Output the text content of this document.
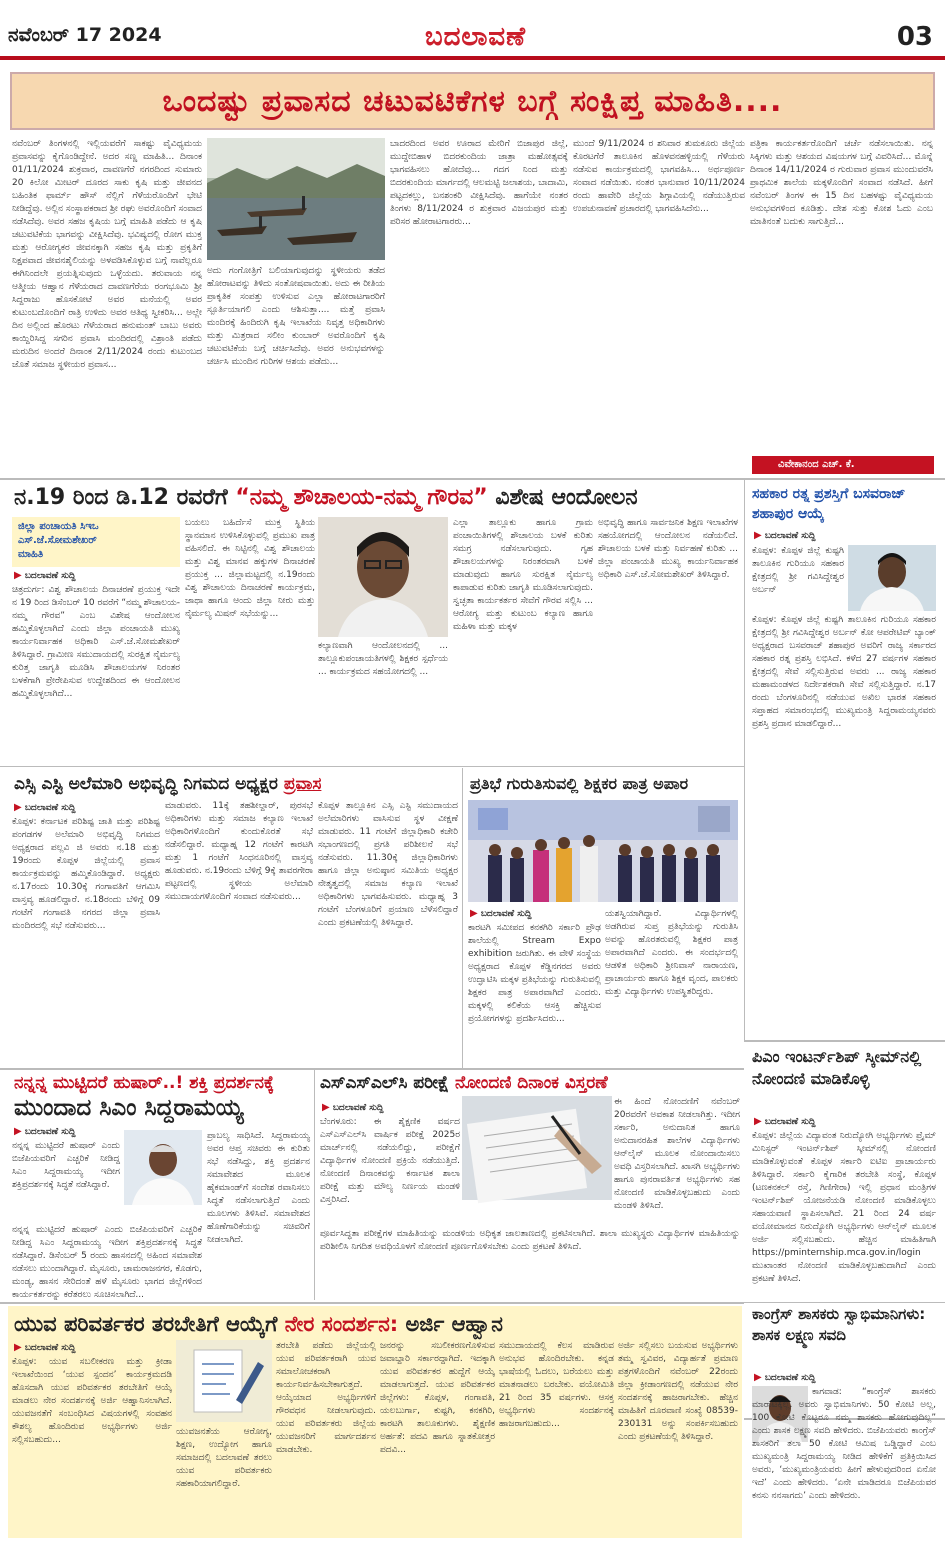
ನವೆಂಬರ್ 17 2024	ಬದಲಾವಣೆ	03
ಒಂದಷ್ಟು ಪ್ರವಾಸದ ಚಟುವಟಿಕೆಗಳ ಬಗ್ಗೆ ಸಂಕ್ಷಿಪ್ತ ಮಾಹಿತಿ....
ನವೆಂಬರ್ ತಿಂಗಳನಲ್ಲಿ ಇಲ್ಲಿಯವರೆಗೆ ಸಾಕಷ್ಟು ವೈವಿಧ್ಯಮಯ ಪ್ರವಾಸವನ್ನು ಕೈಗೊಂಡಿದ್ದೇನೆ. ಅದರ ಸಣ್ಣ ಮಾಹಿತಿ... ದಿನಾಂಕ 01/11/2024 ಶುಕ್ರವಾರ, ದಾವಣಗೆರೆ ನಗರದಿಂದ ಸುಮಾರು 20 ಕಿಲೋ ಮೀಟರ್ ದೂರದ ಸಾಕು ಕೃಷಿ ಮತ್ತು ಜೀವನದ ಬಹಿಂತಿಕ ಫಾರ್ಮ್ ಹೌಸ್ ನೆಲ್ಲಿಗೆ ಗೆಳೆಯರೊಂದಿಗೆ ಭೇಟಿ ನೀಡಿದ್ದೆವು. ಅಲ್ಲಿನ ಸಂಸ್ಥಾಪಕರಾದ ಶ್ರೀ ರಘು ಅವರೊಂದಿಗೆ ಸಂವಾದ ನಡೆಸಿದೆವು. ಅವರ ಸಹಜ ಕೃಷಿಯ ಬಗ್ಗೆ ಮಾಹಿತಿ ಪಡೆದು ಆ ಕೃಷಿ ಚಟುವಟಿಕೆಯ ಭಾಗವನ್ನು ವೀಕ್ಷಿಸಿದೆವು. ಭವಿಷ್ಯದಲ್ಲಿ ರೋಗ ಮುಕ್ತ ಮತ್ತು ಆರೋಗ್ಯಕರ ಜೀವನಕ್ಕಾಗಿ ಸಹಜ ಕೃಷಿ ಮತ್ತು ಪ್ರಕೃತಿಗೆ ನಿಕ್ಷಪವಾದ ಜೀವನಶೈಲಿಯನ್ನು ಅಳವಡಿಸಿಕೊಳ್ಳುವ ಬಗ್ಗೆ ನಾವೆಲ್ಲರೂ ಈಗಿನಿಂದಲೇ ಪ್ರಯತ್ನಿಸುವುದು ಒಳ್ಳೆಯದು. ತರುವಾಯ ನನ್ನ ಆತ್ಮೀಯ ಆಹ್ವಾನ ಗೆಳೆಯರಾದ ದಾವಣಗೆರೆಯ ರಂಗಭೂಮಿ ಶ್ರೀ ಸಿದ್ದರಾಜು ಹೊಸಕೋಟೆ ಅವರ ಮನೆಯಲ್ಲಿ ಅವರ ಕುಟುಂಬದೊಂದಿಗೆ ರಾತ್ರಿ ಉಳಿದು ಅವರ ಆತಿಥ್ಯ ಸ್ವೀಕರಿಸಿ... ಅಲ್ಲೇ ದಿನ ಅಲ್ಲಿಂದ ಹೊರಟು ಗೆಳೆಯರಾದ ಹನುಮಂತ್ ಬಾಬು ಅವರು ಕಾಯ್ದಿರಿಸಿದ್ದ ಸಗರಿನ ಪ್ರವಾಸಿ ಮಂದಿರದಲ್ಲಿ ವಿಶ್ರಾಂತಿ ಪಡೆದು ಮರುದಿನ ಅಂದರೆ ದಿನಾಂಕ 2/11/2024 ರಂದು ಕುಟುಂಬದ ಜೊತೆ ಸಮಾಜ ಸ್ಥಳೀಯರ ಪ್ರವಾಸ...
ಅದು ಗಂಗೋತ್ರಿಗೆ ಬಲಿಯಾಗುವುದನ್ನು ಸ್ಥಳೀಯರು ತಡೆದ ಹೋರಾಟವನ್ನು ತಿಳಿದು ಸಂತೋಷವಾಯಿತು. ಅದು ಈ ರೀತಿಯ ಪ್ರಾಕೃತಿಕ ಸಂಪತ್ತು ಉಳಿಸುವ ಎಲ್ಲಾ ಹೋರಾಟಗಾರರಿಗೆ ಸ್ಪೂರ್ತಿಯಾಗಲಿ ಎಂದು ಆಶಿಸುತ್ತಾ.... ಮತ್ತೆ ಪ್ರವಾಸಿ ಮಂದಿರಕ್ಕೆ ಹಿಂದಿರುಗಿ ಕೃಷಿ ಇಲಾಖೆಯ ನಿವೃತ್ತ ಅಧಿಕಾರಿಗಳು ಮತ್ತು ಮಿತ್ರರಾದ ಸಲೀಂ ಕುಂಬಾರ್ ಅವರೊಂದಿಗೆ ಕೃಷಿ ಚಟುವಟಿಕೆಯ ಬಗ್ಗೆ ಚರ್ಚಿಸಿದೆವು. ಅವರ ಅನುಭವಗಳನ್ನು ಚರ್ಚಿಸಿ ಮುಂದಿನ ಗುರಿಗಳ ಆಶಯ ಪಡೆದು...
ಬಾದರದಿಂದ ಅವರ ಊರಾದ ಮೇರಿಗೆ ಬಿಜಾಪುರ ಜಿಲ್ಲೆ, ಮುದ್ದೇಬಿಹಾಳ ಬಿದರಕುಂದಿಯ ಜಾತ್ರಾ ಮಹೋತ್ಸವಕ್ಕೆ ಭಾಗವಹಿಸಲು ಹೋದೆವು... ಗದಗ ನಿಂದ ಮತ್ತು ಬಿದರಕುಂದಿಯ ಮಾರ್ಗದಲ್ಲಿ ಆಲಮಟ್ಟಿ ಜಲಾಶಯ, ಬಾದಾಮಿ, ಪಟ್ಟದಕಲ್ಲು, ಬನಶಂಕರಿ ವೀಕ್ಷಿಸಿದೆವು. ಹಾಗೆಯೇ ನಂತರ ತಿಂಗಳು 8/11/2024 ರ ಶುಕ್ರವಾರ ವಿಜಯಪುರ ಮತ್ತು ಪರಿಸರ ಹೋರಾಟಗಾರರು...
ಮುಂದೆ 9/11/2024 ರ ಶನಿವಾರ ತುಮಕೂರು ಜಿಲ್ಲೆಯ ಕೊರಟಗೆರೆ ತಾಲೂಕಿನ ಹೊಳವನಹಳ್ಳಿಯಲ್ಲಿ ಗೆಳೆಯರು ನಡೆಸುವ ಕಾರ್ಯಕ್ರಮದಲ್ಲಿ ಭಾಗವಹಿಸಿ... ಅರ್ಥಪೂರ್ಣ ಸಂವಾದ ನಡೆಯಿತು. ನಂತರ ಭಾನುವಾರ 10/11/2024 ರಂದು ಹಾವೇರಿ ಜಿಲ್ಲೆಯ ಶಿಗ್ಗಾವಿಯಲ್ಲಿ ನಡೆಯುತ್ತಿರುವ ಉಪಚುನಾವಣೆ ಪ್ರಚಾರದಲ್ಲಿ ಭಾಗವಹಿಸಿದೆನು...
ಪತ್ರಿಕಾ ಕಾರ್ಯಕರ್ತರೊಂದಿಗೆ ಚರ್ಚೆ ನಡೆಸಲಾಯಿತು. ನನ್ನ ಸಿಕ್ಕಿಗಳು ಮತ್ತು ಆಶಯದ ವಿಷಯಗಳ ಬಗ್ಗೆ ವಿವರಿಸಿದೆ... ಮೊನ್ನೆ ದಿನಾಂಕ 14/11/2024 ರ ಗುರುವಾರ ಪ್ರವಾಸ ಮುಂದುವರೆಸಿ ಪ್ರಾಥಮಿಕ ಶಾಲೆಯ ಮಕ್ಕಳೊಂದಿಗೆ ಸಂವಾದ ನಡೆಸಿದೆ. ಹೀಗೆ ನವೆಂಬರ್ ತಿಂಗಳ ಈ 15 ದಿನ ಬಹಳಷ್ಟು ವೈವಿಧ್ಯಮಯ ಅನುಭವಗಳಿಂದ ಕೂಡಿತ್ತು. ದೇಶ ಸುತ್ತು ಕೋಶ ಓದು ಎಂಬ ಮಾತಿನಂತೆ ಬದುಕು ಸಾಗುತ್ತಿದೆ...
ವಿವೇಕಾನಂದ ಎಚ್. ಕೆ.
ನ.19 ರಿಂದ ಡಿ.12 ರವರೆಗೆ “ನಮ್ಮ ಶೌಚಾಲಯ-ನಮ್ಮ ಗೌರವ” ವಿಶೇಷ ಆಂದೋಲನ
ಜಿಲ್ಲಾ ಪಂಚಾಯತಿ ಸಿಇಒ
ಎಸ್.ಜೆ.ಸೋಮಶೇಖರ್
ಮಾಹಿತಿ
▶ ಬದಲಾವಣೆ ಸುದ್ದಿ
ಚಿತ್ರದುರ್ಗ: ವಿಶ್ವ ಶೌಚಾಲಯ ದಿನಾಚರಣೆ ಪ್ರಯುಕ್ತ ಇದೇ ನ 19 ರಿಂದ ಡಿಸೆಂಬರ್ 10 ರವರೆಗೆ “ನಮ್ಮ ಶೌಚಾಲಯ-ನಮ್ಮ ಗೌರವ” ಎಂಬ ವಿಶೇಷ ಆಂದೋಲನ ಹಮ್ಮಿಕೊಳ್ಳಲಾಗಿದೆ ಎಂದು ಜಿಲ್ಲಾ ಪಂಚಾಯತಿ ಮುಖ್ಯ ಕಾರ್ಯನಿರ್ವಾಹಕ ಅಧಿಕಾರಿ ಎಸ್.ಜೆ.ಸೋಮಶೇಖರ್ ತಿಳಿಸಿದ್ದಾರೆ. ಗ್ರಾಮೀಣ ಸಮುದಾಯದಲ್ಲಿ ಸುರಕ್ಷಿತ ನೈರ್ಮಲ್ಯ ಕುರಿತ್ತ ಜಾಗೃತಿ ಮೂಡಿಸಿ ಶೌಚಾಲಯಗಳ ನಿರಂತರ ಬಳಕೆಗಾಗಿ ಪ್ರೇರೇಪಿಸುವ ಉದ್ದೇಶದಿಂದ ಈ ಆಂದೋಲನ ಹಮ್ಮಿಕೊಳ್ಳಲಾಗಿದೆ...
ಬಯಲು ಬಹಿರ್ದೆಸೆ ಮುಕ್ತ ಸ್ಥಿತಿಯ ಸ್ಥಾನಮಾನ ಉಳಿಸಿಕೊಳ್ಳುವಲ್ಲಿ ಪ್ರಮುಖ ಪಾತ್ರ ವಹಿಸಲಿದೆ. ಈ ನಿಟ್ಟಿನಲ್ಲಿ ವಿಶ್ವ ಶೌಚಾಲಯ ಮತ್ತು ವಿಶ್ವ ಮಾನವ ಹಕ್ಕುಗಳ ದಿನಾಚರಣೆ ಪ್ರಯುಕ್ತ ... ಜಿಲ್ಲಾಮಟ್ಟದಲ್ಲಿ ನ.19ರಂದು ವಿಶ್ವ ಶೌಚಾಲಯ ದಿನಾಚರಣೆ ಕಾರ್ಯಕ್ರಮ, ಜಾಥಾ ಹಾಗೂ ಆಂದು ಜಿಲ್ಲಾ ನೀರು ಮತ್ತು ನೈರ್ಮಲ್ಯ ಮಿಷನ್ ಸಭೆಯನ್ನು...
ಕಲ್ಯಾಣವಾಗಿ ಆಂದೋಲನದಲ್ಲಿ ... ತಾಲ್ಲೂಕುಪಂಚಾಯತಿಗಳಲ್ಲಿ ಶಿಕ್ಷಕರ ಸ್ಪರ್ಧೆಯ ... ಕಾರ್ಯಕ್ರಮದ ಸಹಯೋಗದಲ್ಲಿ ...
ಎಲ್ಲಾ ತಾಲ್ಲೂಕು ಹಾಗೂ ಗ್ರಾಮ ಪಂಚಾಯಿತಿಗಳಲ್ಲಿ ಶೌಚಾಲಯ ಬಳಕೆ ಕುರಿತು ಸಮಗ್ರ ನಡೆಸಲಾಗುವುದು. ಗೃಹ ಶೌಚಾಲಯಗಳನ್ನು ನಿರಂತರವಾಗಿ ಬಳಕೆ ಮಾಡುವುದು ಹಾಗೂ ಸುರಕ್ಷಿತ ನೈರ್ಮಲ್ಯ ಕಾಪಾಡುವ ಕುರಿತು ಜಾಗೃತಿ ಮೂಡಿಸಲಾಗುವುದು. ಸ್ವಚ್ಛತಾ ಕಾರ್ಯಕರ್ತರ ಸೇವೆಗೆ ಗೌರವ ಸಲ್ಲಿಸಿ ... ಆರೋಗ್ಯ ಮತ್ತು ಕುಟುಂಬ ಕಲ್ಯಾಣ ಹಾಗೂ ಮಹಿಳಾ ಮತ್ತು ಮಕ್ಕಳ
ಅಭಿವೃದ್ಧಿ ಹಾಗೂ ಸಾರ್ವಜನಿಕ ಶಿಕ್ಷಣ ಇಲಾಖೆಗಳ ಸಹಯೋಗದಲ್ಲಿ ಆಂದೋಲನ ನಡೆಯಲಿದೆ. ಶೌಚಾಲಯ ಬಳಕೆ ಮತ್ತು ನಿರ್ವಹಣೆ ಕುರಿತು ... ಜಿಲ್ಲಾ ಪಂಚಾಯತಿ ಮುಖ್ಯ ಕಾರ್ಯನಿರ್ವಾಹಕ ಅಧಿಕಾರಿ ಎಸ್.ಜೆ.ಸೋಮಶೇಖರ್ ತಿಳಿಸಿದ್ದಾರೆ.
ಸಹಕಾರ ರತ್ನ ಪ್ರಶಸ್ತಿಗೆ ಬಸವರಾಜ್ ಶಹಾಪುರ ಆಯ್ಕೆ
▶ ಬದಲಾವಣೆ ಸುದ್ದಿ
ಕೊಪ್ಪಳ: ಕೊಪ್ಪಳ ಜಿಲ್ಲೆ ಕುಷ್ಟಗಿ ತಾಲೂಕಿನ ಗುರಿಯೂ ಸಹಕಾರ ಕ್ಷೇತ್ರದಲ್ಲಿ ಶ್ರೀ ಗವಿಸಿದ್ದೇಶ್ವರ ಅರ್ಬನ್
ಕೊಪ್ಪಳ: ಕೊಪ್ಪಳ ಜಿಲ್ಲೆ ಕುಷ್ಟಗಿ ತಾಲೂಕಿನ ಗುರಿಯೂ ಸಹಕಾರ ಕ್ಷೇತ್ರದಲ್ಲಿ ಶ್ರೀ ಗವಿಸಿದ್ದೇಶ್ವರ ಅರ್ಬನ್ ಕೋ ಆಪರೇಟಿವ್ ಬ್ಯಾಂಕ್ ಅಧ್ಯಕ್ಷರಾದ ಬಸವರಾಜ್ ಶಹಾಪುರ ಅವರಿಗೆ ರಾಜ್ಯ ಸರ್ಕಾರದ ಸಹಕಾರ ರತ್ನ ಪ್ರಶಸ್ತಿ ಲಭಿಸಿದೆ. ಕಳೆದ 27 ವರ್ಷಗಳ ಸಹಕಾರ ಕ್ಷೇತ್ರದಲ್ಲಿ ಸೇವೆ ಸಲ್ಲಿಸುತ್ತಿರುವ ಅವರು ... ರಾಜ್ಯ ಸಹಕಾರ ಮಹಾಮಂಡಳದ ನಿರ್ದೇಶಕರಾಗಿ ಸೇವೆ ಸಲ್ಲಿಸುತ್ತಿದ್ದಾರೆ. ನ.17 ರಂದು ಬೆಂಗಳೂರಿನಲ್ಲಿ ನಡೆಯುವ ಅಖಿಲ ಭಾರತ ಸಹಕಾರ ಸಪ್ತಾಹದ ಸಮಾರಂಭದಲ್ಲಿ ಮುಖ್ಯಮಂತ್ರಿ ಸಿದ್ದರಾಮಯ್ಯನವರು ಪ್ರಶಸ್ತಿ ಪ್ರದಾನ ಮಾಡಲಿದ್ದಾರೆ...
ಎಸ್ಸಿ ಎಸ್ಟಿ ಅಲೆಮಾರಿ ಅಭಿವೃದ್ಧಿ ನಿಗಮದ ಅಧ್ಯಕ್ಷರ ಪ್ರವಾಸ
▶ ಬದಲಾವಣೆ ಸುದ್ದಿ
ಕೊಪ್ಪಳ: ಕರ್ನಾಟಕ ಪರಿಶಿಷ್ಟ ಜಾತಿ ಮತ್ತು ಪರಿಶಿಷ್ಟ ಪಂಗಡಗಳ ಅಲೆಮಾರಿ ಅಭಿವೃದ್ಧಿ ನಿಗಮದ ಅಧ್ಯಕ್ಷರಾದ ಪಲ್ಲವಿ ಜಿ ಅವರು ನ.18 ಮತ್ತು 19ರಂದು ಕೊಪ್ಪಳ ಜಿಲ್ಲೆಯಲ್ಲಿ ಪ್ರವಾಸ ಕಾರ್ಯಕ್ರಮವನ್ನು ಹಮ್ಮಿಕೊಂಡಿದ್ದಾರೆ. ಅಧ್ಯಕ್ಷರು ನ.17ರಂದು 10.30ಕ್ಕೆ ಗಂಗಾವತಿಗೆ ಆಗಮಿಸಿ ವಾಸ್ತವ್ಯ ಹೂಡಲಿದ್ದಾರೆ. ನ.18ರಂದು ಬೆಳಿಗ್ಗೆ 09 ಗಂಟೆಗೆ ಗಂಗಾವತಿ ನಗರದ ಜಿಲ್ಲಾ ಪ್ರವಾಸಿ ಮಂದಿರದಲ್ಲಿ ಸಭೆ ನಡೆಸುವರು...
ಮಾಡುವರು. 11ಕ್ಕೆ ತಹಶೀಲ್ದಾರ್, ಪುರಸಭೆ ಅಧಿಕಾರಿಗಳು ಮತ್ತು ಸಮಾಜ ಕಲ್ಯಾಣ ಇಲಾಖೆ ಅಧಿಕಾರಿಗಳೊಂದಿಗೆ ಕುಂದುಕೊರತೆ ಸಭೆ ನಡೆಸಲಿದ್ದಾರೆ. ಮಧ್ಯಾಹ್ನ 12 ಗಂಟೆಗೆ ಕಾರಟಗಿ ಮತ್ತು 1 ಗಂಟೆಗೆ ಸಿಂಧನೂರಿನಲ್ಲಿ ವಾಸ್ತವ್ಯ ಹೂಡುವರು. ನ.19ರಂದು ಬೆಳಿಗ್ಗೆ 9ಕ್ಕೆ ತಾವರಗೇರಾ ಪಟ್ಟಣದಲ್ಲಿ ಸ್ಥಳೀಯ ಅಲೆಮಾರಿ ಸಮುದಾಯಗಳೊಂದಿಗೆ ಸಂವಾದ ನಡೆಸುವರು...
ಕೊಪ್ಪಳ ತಾಲ್ಲೂಕಿನ ಎಸ್ಸಿ ಎಸ್ಟಿ ಸಮುದಾಯದ ಅಲೆಮಾರಿಗಳು ವಾಸಿಸುವ ಸ್ಥಳ ವೀಕ್ಷಣೆ ಮಾಡುವರು. 11 ಗಂಟೆಗೆ ಜಿಲ್ಲಾಧಿಕಾರಿ ಕಚೇರಿ ಸಭಾಂಗಣದಲ್ಲಿ ಪ್ರಗತಿ ಪರಿಶೀಲನೆ ಸಭೆ ನಡೆಸುವರು. 11.30ಕ್ಕೆ ಜಿಲ್ಲಾಧಿಕಾರಿಗಳು ಹಾಗೂ ಜಿಲ್ಲಾ ಅನುಷ್ಠಾನ ಸಮಿತಿಯ ಅಧ್ಯಕ್ಷರ ನೇತೃತ್ವದಲ್ಲಿ ಸಮಾಜ ಕಲ್ಯಾಣ ಇಲಾಖೆ ಅಧಿಕಾರಿಗಳು ಭಾಗವಹಿಸುವರು. ಮಧ್ಯಾಹ್ನ 3 ಗಂಟೆಗೆ ಬೆಂಗಳೂರಿಗೆ ಪ್ರಯಾಣ ಬೆಳೆಸಲಿದ್ದಾರೆ ಎಂದು ಪ್ರಕಟಣೆಯಲ್ಲಿ ತಿಳಿಸಿದ್ದಾರೆ.
ಪ್ರತಿಭೆ ಗುರುತಿಸುವಲ್ಲಿ ಶಿಕ್ಷಕರ ಪಾತ್ರ ಅಪಾರ
▶ ಬದಲಾವಣೆ ಸುದ್ದಿ
ಕಾರಟಗಿ ಸಮೀಪದ ಕನಕಗಿರಿ ಸರ್ಕಾರಿ ಪ್ರೌಢ ಶಾಲೆಯಲ್ಲಿ Stream Expo exhibition ಜರುಗಿತು. ಈ ವೇಳೆ ಸಂಸ್ಥೆಯ ಅಧ್ಯಕ್ಷರಾದ ಕೊಪ್ಪಳ ಕೆಡ್ಡಿನಗರದ ಅವರು ಉದ್ಘಾಟಿಸಿ ಮಕ್ಕಳ ಪ್ರತಿಭೆಯನ್ನು ಗುರುತಿಸುವಲ್ಲಿ ಶಿಕ್ಷಕರ ಪಾತ್ರ ಅಪಾರವಾಗಿದೆ ಎಂದರು. ಮಕ್ಕಳಲ್ಲಿ ಕಲಿಕೆಯ ಆಸಕ್ತಿ ಹೆಚ್ಚಿಸುವ ಪ್ರಯೋಗಗಳನ್ನು ಪ್ರದರ್ಶಿಸಿದರು...
ಯಶಸ್ವಿಯಾಗಿದ್ದಾರೆ. ವಿದ್ಯಾರ್ಥಿಗಳಲ್ಲಿ ಅಡಗಿರುವ ಸುಪ್ತ ಪ್ರತಿಭೆಯನ್ನು ಗುರುತಿಸಿ ಅವನ್ನು ಹೊರತರುವಲ್ಲಿ ಶಿಕ್ಷಕರ ಪಾತ್ರ ಅಪಾರವಾಗಿದೆ ಎಂದರು. ಈ ಸಂದರ್ಭದಲ್ಲಿ ಆಡಳಿತ ಅಧಿಕಾರಿ ಶ್ರೀನಿವಾಸ್ ನಾರಾಯಣ, ಪ್ರಾಚಾರ್ಯರು ಹಾಗೂ ಶಿಕ್ಷಕ ವೃಂದ, ಪಾಲಕರು ಮತ್ತು ವಿದ್ಯಾರ್ಥಿಗಳು ಉಪಸ್ಥಿತರಿದ್ದರು.
ಪಿಎಂ ಇಂಟರ್ನ್‌ಶಿಪ್ ಸ್ಕೀಮ್‌ನಲ್ಲಿ ನೋಂದಣಿ ಮಾಡಿಕೊಳ್ಳಿ
▶ ಬದಲಾವಣೆ ಸುದ್ದಿ
ಕೊಪ್ಪಳ: ಜಿಲ್ಲೆಯ ವಿದ್ಯಾವಂತ ನಿರುದ್ಯೋಗಿ ಅಭ್ಯರ್ಥಿಗಳು ಪ್ರೈಮ್ ಮಿನಿಸ್ಟರ್ ಇಂಟರ್ನ್‌ಶಿಪ್ ಸ್ಕೀಮ್‌ನಲ್ಲಿ ನೋಂದಣಿ ಮಾಡಿಕೊಳ್ಳುವಂತೆ ಕೊಪ್ಪಳ ಸರ್ಕಾರಿ ಐಟಿಐ ಪ್ರಾಚಾರ್ಯರು ತಿಳಿಸಿದ್ದಾರೆ. ಸರ್ಕಾರಿ ಕೈಗಾರಿಕ ತರಬೇತಿ ಸಂಸ್ಥೆ, ಕೊಪ್ಪಳ (ಟಣಕನಕಲ್ ರಸ್ತೆ, ಗಿಣಿಗೇರಾ) ಇಲ್ಲಿ ಪ್ರಧಾನ ಮಂತ್ರಿಗಳ ಇಂಟರ್ನ್‌ಶಿಪ್ ಯೋಜನೆಯಡಿ ನೋಂದಣಿ ಮಾಡಿಕೊಳ್ಳಲು ಸಹಾಯವಾಣಿ ಸ್ಥಾಪಿಸಲಾಗಿದೆ. 21 ರಿಂದ 24 ವರ್ಷ ವಯೋಮಾನದ ನಿರುದ್ಯೋಗಿ ಅಭ್ಯರ್ಥಿಗಳು ಆನ್‌ಲೈನ್ ಮೂಲಕ ಅರ್ಜಿ ಸಲ್ಲಿಸಬಹುದು. ಹೆಚ್ಚಿನ ಮಾಹಿತಿಗಾಗಿ https://pminternship.mca.gov.in/login ಮುಖಾಂತರ ನೋಂದಣಿ ಮಾಡಿಕೊಳ್ಳಬಹುದಾಗಿದೆ ಎಂದು ಪ್ರಕಟಣೆ ತಿಳಿಸಿದೆ.
ನನ್ನನ್ನ ಮುಟ್ಟಿದರೆ ಹುಷಾರ್..! ಶಕ್ತಿ ಪ್ರದರ್ಶನಕ್ಕೆ
ಮುಂದಾದ ಸಿಎಂ ಸಿದ್ದರಾಮಯ್ಯ
▶ ಬದಲಾವಣೆ ಸುದ್ದಿ
ನನ್ನನ್ನ ಮುಟ್ಟಿದರೆ ಹುಷಾರ್ ಎಂದು ಬಿಜೆಪಿಯವರಿಗೆ ಎಚ್ಚರಿಕೆ ನೀಡಿದ್ದ ಸಿಎಂ ಸಿದ್ದರಾಮಯ್ಯ ಇದೀಗ ಶಕ್ತಿಪ್ರದರ್ಶನಕ್ಕೆ ಸಿದ್ಧತೆ ನಡೆಸಿದ್ದಾರೆ.
ನನ್ನನ್ನ ಮುಟ್ಟಿದರೆ ಹುಷಾರ್ ಎಂದು ಬಿಜೆಪಿಯವರಿಗೆ ಎಚ್ಚರಿಕೆ ನೀಡಿದ್ದ ಸಿಎಂ ಸಿದ್ದರಾಮಯ್ಯ ಇದೀಗ ಶಕ್ತಿಪ್ರದರ್ಶನಕ್ಕೆ ಸಿದ್ಧತೆ ನಡೆಸಿದ್ದಾರೆ. ಡಿಸೆಂಬರ್ 5 ರಂದು ಹಾಸನದಲ್ಲಿ ಅಹಿಂದ ಸಮಾವೇಶ ನಡೆಸಲು ಮುಂದಾಗಿದ್ದಾರೆ. ಮೈಸೂರು, ಚಾಮರಾಜನಗರ, ಕೊಡಗು, ಮಂಡ್ಯ, ಹಾಸನ ಸೇರಿದಂತೆ ಹಳೆ ಮೈಸೂರು ಭಾಗದ ಜಿಲ್ಲೆಗಳಿಂದ ಕಾರ್ಯಕರ್ತರನ್ನು ಕರೆತರಲು ಸೂಚಿಸಲಾಗಿದೆ...
ಪ್ರಾಬಲ್ಯ ಸಾಧಿಸಿದೆ. ಸಿದ್ದರಾಮಯ್ಯ ಅವರ ಆಪ್ತ ಸಚಿವರು ಈ ಕುರಿತು ಸಭೆ ನಡೆಸಿದ್ದು, ಶಕ್ತಿ ಪ್ರದರ್ಶನ ಸಮಾವೇಶದ ಮೂಲಕ ಹೈಕಮಾಂಡ್‌ಗೆ ಸಂದೇಶ ರವಾನಿಸಲು ಸಿದ್ಧತೆ ನಡೆಸಲಾಗುತ್ತಿದೆ ಎಂದು ಮೂಲಗಳು ತಿಳಿಸಿವೆ. ಸಮಾವೇಶದ ಹೊಣೆಗಾರಿಕೆಯನ್ನು ಸಚಿವರಿಗೆ ನೀಡಲಾಗಿದೆ.
ಎಸ್‌ಎಸ್‌ಎಲ್‌ಸಿ ಪರೀಕ್ಷೆ ನೋಂದಣಿ ದಿನಾಂಕ ವಿಸ್ತರಣೆ
▶ ಬದಲಾವಣೆ ಸುದ್ದಿ
ಬೆಂಗಳೂರು: ಈ ಶೈಕ್ಷಣಿಕ ವರ್ಷದ ಎಸ್‌ಎಸ್‌ಎಲ್‌ಸಿ ವಾರ್ಷಿಕ ಪರೀಕ್ಷೆ 2025ರ ಮಾರ್ಚ್‌ನಲ್ಲಿ ನಡೆಯಲಿದ್ದು, ಪರೀಕ್ಷೆಗೆ ವಿದ್ಯಾರ್ಥಿಗಳ ನೋಂದಣಿ ಪ್ರಕ್ರಿಯೆ ನಡೆಯುತ್ತಿದೆ. ನೋಂದಣಿ ದಿನಾಂಕವನ್ನು ಕರ್ನಾಟಕ ಶಾಲಾ ಪರೀಕ್ಷೆ ಮತ್ತು ಮೌಲ್ಯ ನಿರ್ಣಯ ಮಂಡಳಿ ವಿಸ್ತರಿಸಿದೆ.
ಈ ಹಿಂದೆ ನೋಂದಣಿಗೆ ನವೆಂಬರ್ 20ರವರೆಗೆ ಅವಕಾಶ ನೀಡಲಾಗಿತ್ತು. ಇದೀಗ ಸರ್ಕಾರಿ, ಅನುದಾನಿತ ಹಾಗೂ ಅನುದಾನರಹಿತ ಶಾಲೆಗಳ ವಿದ್ಯಾರ್ಥಿಗಳು ಆನ್‌ಲೈನ್ ಮೂಲಕ ನೋಂದಾಯಿಸಲು ಅವಧಿ ವಿಸ್ತರಿಸಲಾಗಿದೆ. ಖಾಸಗಿ ಅಭ್ಯರ್ಥಿಗಳು ಹಾಗೂ ಪುನರಾವರ್ತಿತ ಅಭ್ಯರ್ಥಿಗಳು ಸಹ ನೋಂದಣಿ ಮಾಡಿಕೊಳ್ಳಬಹುದು ಎಂದು ಮಂಡಳಿ ತಿಳಿಸಿದೆ.
ಪೂರ್ವಸಿದ್ಧತಾ ಪರೀಕ್ಷೆಗಳ ಮಾಹಿತಿಯನ್ನು ಮಂಡಳಿಯ ಅಧಿಕೃತ ಜಾಲತಾಣದಲ್ಲಿ ಪ್ರಕಟಿಸಲಾಗಿದೆ. ಶಾಲಾ ಮುಖ್ಯಸ್ಥರು ವಿದ್ಯಾರ್ಥಿಗಳ ಮಾಹಿತಿಯನ್ನು ಪರಿಶೀಲಿಸಿ ನಿಗದಿತ ಅವಧಿಯೊಳಗೆ ನೋಂದಣಿ ಪೂರ್ಣಗೊಳಿಸಬೇಕು ಎಂದು ಪ್ರಕಟಣೆ ತಿಳಿಸಿದೆ.
ಕಾಂಗ್ರೆಸ್ ಶಾಸಕರು ಸ್ವಾಭಿಮಾನಿಗಳು: ಶಾಸಕ ಲಕ್ಷ್ಮಣ ಸವದಿ
▶ ಬದಲಾವಣೆ ಸುದ್ದಿ
ಕಾಗವಾಡ: “ಕಾಂಗ್ರೆಸ್ ಶಾಸಕರು ಮಾರಾಟಕ್ಕಿಲ್ಲ. ಅವರು ಸ್ವಾಭಿಮಾನಿಗಳು. 50 ಕೋಟಿ ಅಲ್ಲ, 100 ಕೋಟಿ ಕೊಟ್ಟರೂ ನಮ್ಮ ಶಾಸಕರು ಹೋಗುವುದಿಲ್ಲ” ಎಂದು ಶಾಸಕ ಲಕ್ಷ್ಮಣ ಸವದಿ ಹೇಳಿದರು. ಬಿಜೆಪಿಯವರು ಕಾಂಗ್ರೆಸ್ ಶಾಸಕರಿಗೆ ತಲಾ 50 ಕೋಟಿ ಆಮಿಷ ಒಡ್ಡಿದ್ದಾರೆ ಎಂಬ ಮುಖ್ಯಮಂತ್ರಿ ಸಿದ್ದರಾಮಯ್ಯ ನೀಡಿದ ಹೇಳಿಕೆಗೆ ಪ್ರತಿಕ್ರಿಯಿಸಿದ ಅವರು, ‘ಮುಖ್ಯಮಂತ್ರಿಯವರು ಹೀಗೆ ಹೇಳುವುದರಿಂದ ಏನೋ ಇದೆ’ ಎಂದು ಹೇಳಿದರು. ‘ಏನೇ ಮಾಡಿದರೂ ಬಿಜೆಪಿಯವರ ಕನಸು ನನಸಾಗದು’ ಎಂದು ಹೇಳಿದರು.
ಯುವ ಪರಿವರ್ತಕರ ತರಬೇತಿಗೆ ಆಯ್ಕೆಗೆ ನೇರ ಸಂದರ್ಶನ: ಅರ್ಜಿ ಆಹ್ವಾನ
▶ ಬದಲಾವಣೆ ಸುದ್ದಿ
ಕೊಪ್ಪಳ: ಯುವ ಸಬಲೀಕರಣ ಮತ್ತು ಕ್ರೀಡಾ ಇಲಾಖೆಯಿಂದ ‘ಯುವ ಸ್ಪಂದನ’ ಕಾರ್ಯಕ್ರಮದಡಿ ಹೊಸದಾಗಿ ಯುವ ಪರಿವರ್ತಕರ ತರಬೇತಿಗೆ ಆಯ್ಕೆ ಮಾಡಲು ನೇರ ಸಂದರ್ಶನಕ್ಕೆ ಅರ್ಜಿ ಆಹ್ವಾನಿಸಲಾಗಿದೆ. ಯುವಜನತೆಗೆ ಸಂಬಂಧಿಸಿದ ವಿಷಯಗಳಲ್ಲಿ ಸಂವಹನ ಕೌಶಲ್ಯ ಹೊಂದಿರುವ ಅಭ್ಯರ್ಥಿಗಳು ಅರ್ಜಿ ಸಲ್ಲಿಸಬಹುದು...
ತರಬೇತಿ ಪಡೆದು ಜಿಲ್ಲೆಯಲ್ಲಿ ಯುವ ಪರಿವರ್ತಕರಾಗಿ ಯುವ ಸಮಾಲೋಚಕರಾಗಿ ಕಾರ್ಯನಿರ್ವಹಿಸಬೇಕಾಗುತ್ತದೆ. ಆಯ್ಕೆಯಾದ ಅಭ್ಯರ್ಥಿಗಳಿಗೆ ಗೌರವಧನ ನೀಡಲಾಗುವುದು. ಯುವ ಪರಿವರ್ತಕರು ಜಿಲ್ಲೆಯ ಯುವಜನರಿಗೆ ಮಾರ್ಗದರ್ಶನ ಮಾಡಬೇಕು.
ಯುವಜನತೆಯ ಆರೋಗ್ಯ, ಶಿಕ್ಷಣ, ಉದ್ಯೋಗ ಹಾಗೂ ಸಮಾಜದಲ್ಲಿ ಬದಲಾವಣೆ ತರಲು ಯುವ ಪರಿವರ್ತಕರು ಸಹಕಾರಿಯಾಗಲಿದ್ದಾರೆ.
ಜನರನ್ನು ಸಬಲೀಕರಣಗೊಳಿಸುವ ಜವಾಬ್ದಾರಿ ಸರ್ಕಾರದ್ದಾಗಿದೆ. ಇದಕ್ಕಾಗಿ ಯುವ ಪರಿವರ್ತಕರ ಹುದ್ದೆಗೆ ಆಯ್ಕೆ ಮಾಡಲಾಗುತ್ತದೆ. ಯುವ ಪರಿವರ್ತಕರ ಜಿಲ್ಲೆಗಳು: ಕೊಪ್ಪಳ, ಗಂಗಾವತಿ, ಯಲಬುರ್ಗಾ, ಕುಷ್ಟಗಿ, ಕನಕಗಿರಿ, ಕಾರಟಗಿ ತಾಲೂಕುಗಳು. ಶೈಕ್ಷಣಿಕ ಅರ್ಹತೆ: ಪದವಿ ಹಾಗೂ ಸ್ನಾತಕೋತ್ತರ ಪದವಿ...
ಸಮುದಾಯದಲ್ಲಿ ಕೆಲಸ ಮಾಡಿರುವ ಅನುಭವ ಹೊಂದಿರಬೇಕು. ಕನ್ನಡ ಭಾಷೆಯಲ್ಲಿ ಓದಲು, ಬರೆಯಲು ಮತ್ತು ಮಾತನಾಡಲು ಬರಬೇಕು. ವಯೋಮಿತಿ 21 ರಿಂದ 35 ವರ್ಷಗಳು. ಆಸಕ್ತ ಅಭ್ಯರ್ಥಿಗಳು ಸಂದರ್ಶನಕ್ಕೆ ಹಾಜರಾಗಬಹುದು...
ಅರ್ಜಿ ಸಲ್ಲಿಸಲು ಬಯಸುವ ಅಭ್ಯರ್ಥಿಗಳು ತಮ್ಮ ಸ್ವವಿವರ, ವಿದ್ಯಾರ್ಹತೆ ಪ್ರಮಾಣ ಪತ್ರಗಳೊಂದಿಗೆ ನವೆಂಬರ್ 22ರಂದು ಜಿಲ್ಲಾ ಕ್ರೀಡಾಂಗಣದಲ್ಲಿ ನಡೆಯುವ ನೇರ ಸಂದರ್ಶನಕ್ಕೆ ಹಾಜರಾಗಬೇಕು. ಹೆಚ್ಚಿನ ಮಾಹಿತಿಗೆ ದೂರವಾಣಿ ಸಂಖ್ಯೆ 08539-230131 ಅನ್ನು ಸಂಪರ್ಕಿಸಬಹುದು ಎಂದು ಪ್ರಕಟಣೆಯಲ್ಲಿ ತಿಳಿಸಿದ್ದಾರೆ.
